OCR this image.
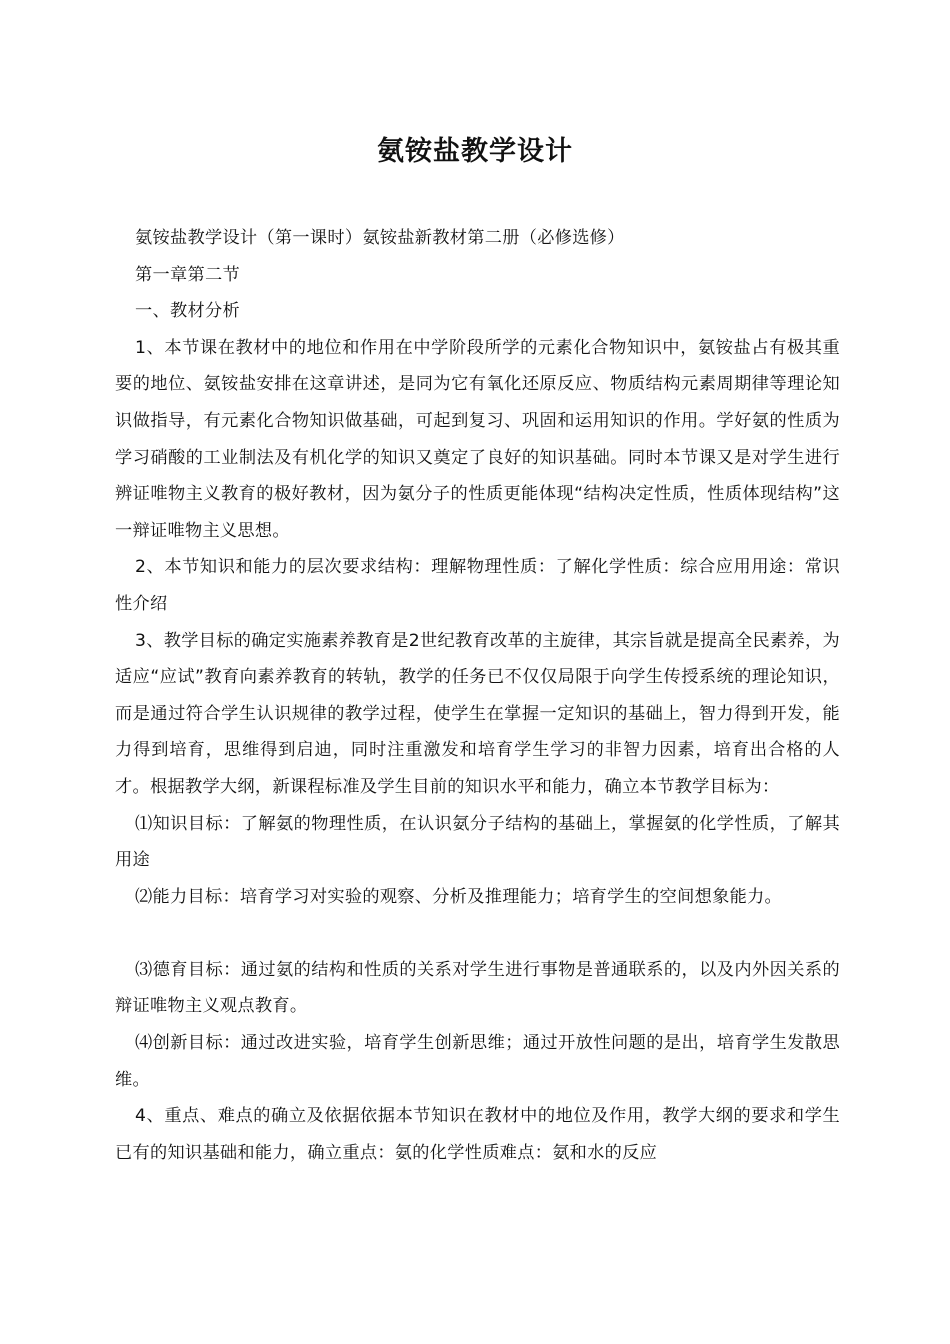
氨铵盐教学设计

氨铵盐教学设计（第一课时）氨铵盐新教材第二册（必修选修）

第一章第二节

一、教材分析

1、本节课在教材中的地位和作用在中学阶段所学的元素化合物知识中，氨铵盐占有极其重要的地位、氨铵盐安排在这章讲述，是同为它有氧化还原反应、物质结构元素周期律等理论知识做指导，有元素化合物知识做基础，可起到复习、巩固和运用知识的作用。学好氨的性质为学习硝酸的工业制法及有机化学的知识又奠定了良好的知识基础。同时本节课又是对学生进行辨证唯物主义教育的极好教材，因为氨分子的性质更能体现“结构决定性质，性质体现结构”这一辩证唯物主义思想。

2、本节知识和能力的层次要求结构：理解物理性质：了解化学性质：综合应用用途：常识性介绍

3、教学目标的确定实施素养教育是2世纪教育改革的主旋律，其宗旨就是提高全民素养，为适应“应试”教育向素养教育的转轨，教学的任务已不仅仅局限于向学生传授系统的理论知识，而是通过符合学生认识规律的教学过程，使学生在掌握一定知识的基础上，智力得到开发，能力得到培育，思维得到启迪，同时注重激发和培育学生学习的非智力因素，培育出合格的人才。根据教学大纲，新课程标准及学生目前的知识水平和能力，确立本节教学目标为：

⑴知识目标：了解氨的物理性质，在认识氨分子结构的基础上，掌握氨的化学性质，了解其用途

⑵能力目标：培育学习对实验的观察、分析及推理能力；培育学生的空间想象能力。

⑶德育目标：通过氨的结构和性质的关系对学生进行事物是普通联系的，以及内外因关系的辩证唯物主义观点教育。

⑷创新目标：通过改进实验，培育学生创新思维；通过开放性问题的是出，培育学生发散思维。

4、重点、难点的确立及依据依据本节知识在教材中的地位及作用，教学大纲的要求和学生已有的知识基础和能力，确立重点：氨的化学性质难点：氨和水的反应
